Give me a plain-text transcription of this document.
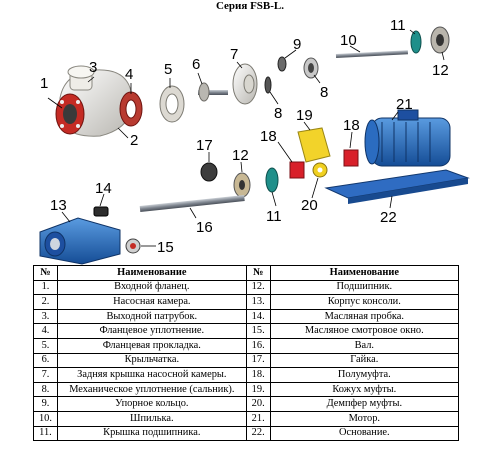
Серия FSB-L.
1
2
3 4 5 6
7
8
9
8
10
11
12
19
18
21
18
17
12
11
20
22
13
14
16
15
№	Наименование	№	Наименование
1.	Входной фланец.	12.	Подшипник.
2.	Насосная камера.	13.	Корпус консоли.
3.	Выходной патрубок.	14.	Масляная пробка.
4.	Фланцевое уплотнение.	15.	Масляное смотровое окно.
5.	Фланцевая прокладка.	16.	Вал.
6.	Крыльчатка.	17.	Гайка.
7.	Задняя крышка насосной камеры.	18.	Полумуфта.
8.	Механическое уплотнение (сальник).	19.	Кожух муфты.
9.	Упорное кольцо.	20.	Демпфер муфты.
10.	Шпилька.	21.	Мотор.
11.	Крышка подшипника.	22.	Основание.
